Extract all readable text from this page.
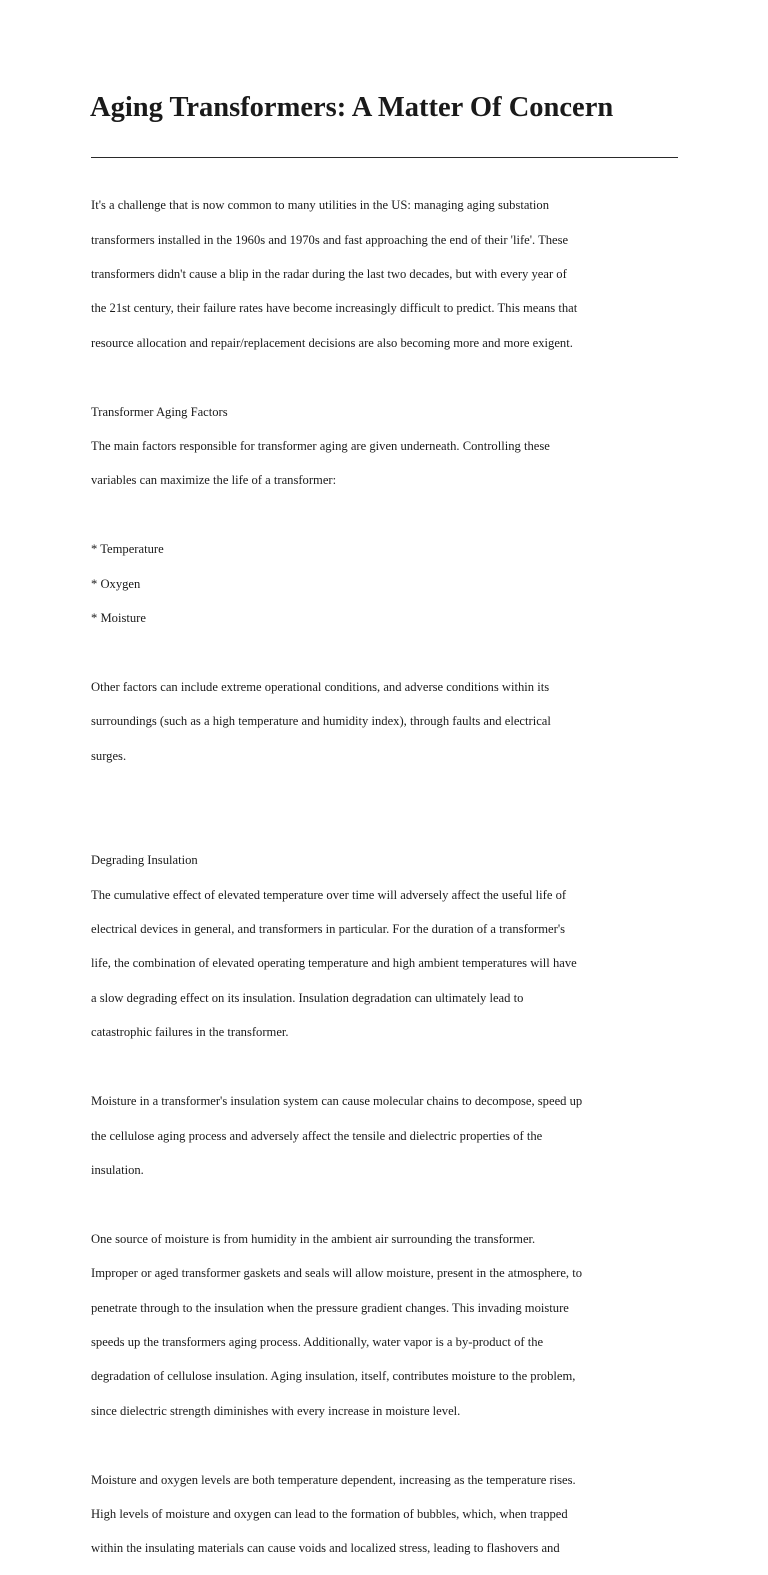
Aging Transformers: A Matter Of Concern

It's a challenge that is now common to many utilities in the US: managing aging substation

transformers installed in the 1960s and 1970s and fast approaching the end of their 'life'. These

transformers didn't cause a blip in the radar during the last two decades, but with every year of

the 21st century, their failure rates have become increasingly difficult to predict. This means that

resource allocation and repair/replacement decisions are also becoming more and more exigent.

Transformer Aging Factors

The main factors responsible for transformer aging are given underneath. Controlling these

variables can maximize the life of a transformer:

* Temperature

* Oxygen

* Moisture

Other factors can include extreme operational conditions, and adverse conditions within its

surroundings (such as a high temperature and humidity index), through faults and electrical

surges.

Degrading Insulation

The cumulative effect of elevated temperature over time will adversely affect the useful life of

electrical devices in general, and transformers in particular. For the duration of a transformer's

life, the combination of elevated operating temperature and high ambient temperatures will have

a slow degrading effect on its insulation. Insulation degradation can ultimately lead to

catastrophic failures in the transformer.

Moisture in a transformer's insulation system can cause molecular chains to decompose, speed up

the cellulose aging process and adversely affect the tensile and dielectric properties of the

insulation.

One source of moisture is from humidity in the ambient air surrounding the transformer.

Improper or aged transformer gaskets and seals will allow moisture, present in the atmosphere, to

penetrate through to the insulation when the pressure gradient changes. This invading moisture

speeds up the transformers aging process. Additionally, water vapor is a by-product of the

degradation of cellulose insulation. Aging insulation, itself, contributes moisture to the problem,

since dielectric strength diminishes with every increase in moisture level.

Moisture and oxygen levels are both temperature dependent, increasing as the temperature rises.

High levels of moisture and oxygen can lead to the formation of bubbles, which, when trapped

within the insulating materials can cause voids and localized stress, leading to flashovers and
